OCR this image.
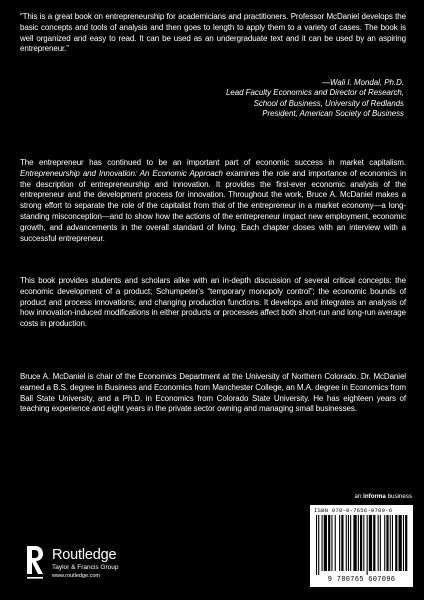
“This is a great book on entrepreneurship for academicians and practitioners. Professor McDaniel develops the basic concepts and tools of analysis and then goes to length to apply them to a variety of cases. The book is well organized and easy to read. It can be used as an undergraduate text and it can be used by an aspiring entrepreneur.”
—Wali I. Mondal, Ph.D.
Lead Faculty Economics and Director of Research,
School of Business, University of Redlands
President, American Society of Business

The entrepreneur has continued to be an important part of economic success in market capitalism. Entrepreneurship and Innovation: An Economic Approach examines the role and importance of economics in the description of entrepreneurship and innovation. It provides the first-ever economic analysis of the entrepreneur and the development process for innovation. Throughout the work, Bruce A. McDaniel makes a strong effort to separate the role of the capitalist from that of the entrepreneur in a market economy—a long-standing misconception—and to show how the actions of the entrepreneur impact new employment, economic growth, and advancements in the overall standard of living. Each chapter closes with an interview with a successful entrepreneur.

This book provides students and scholars alike with an in-depth discussion of several critical concepts: the economic development of a product; Schumpeter’s “temporary monopoly control”; the economic bounds of product and process innovations; and changing production functions. It develops and integrates an analysis of how innovation-induced modifications in either products or processes affect both short-run and long-run average costs in production.

Bruce A. McDaniel is chair of the Economics Department at the University of Northern Colorado. Dr. McDaniel earned a B.S. degree in Business and Economics from Manchester College, an M.A. degree in Economics from Ball State University, and a Ph.D. in Economics from Colorado State University. He has eighteen years of teaching experience and eight years in the private sector owning and managing small businesses.

Routledge
Taylor & Francis Group
www.routledge.com
an informa business
ISBN 978-0-7656-0709-6
9 780765 607096
